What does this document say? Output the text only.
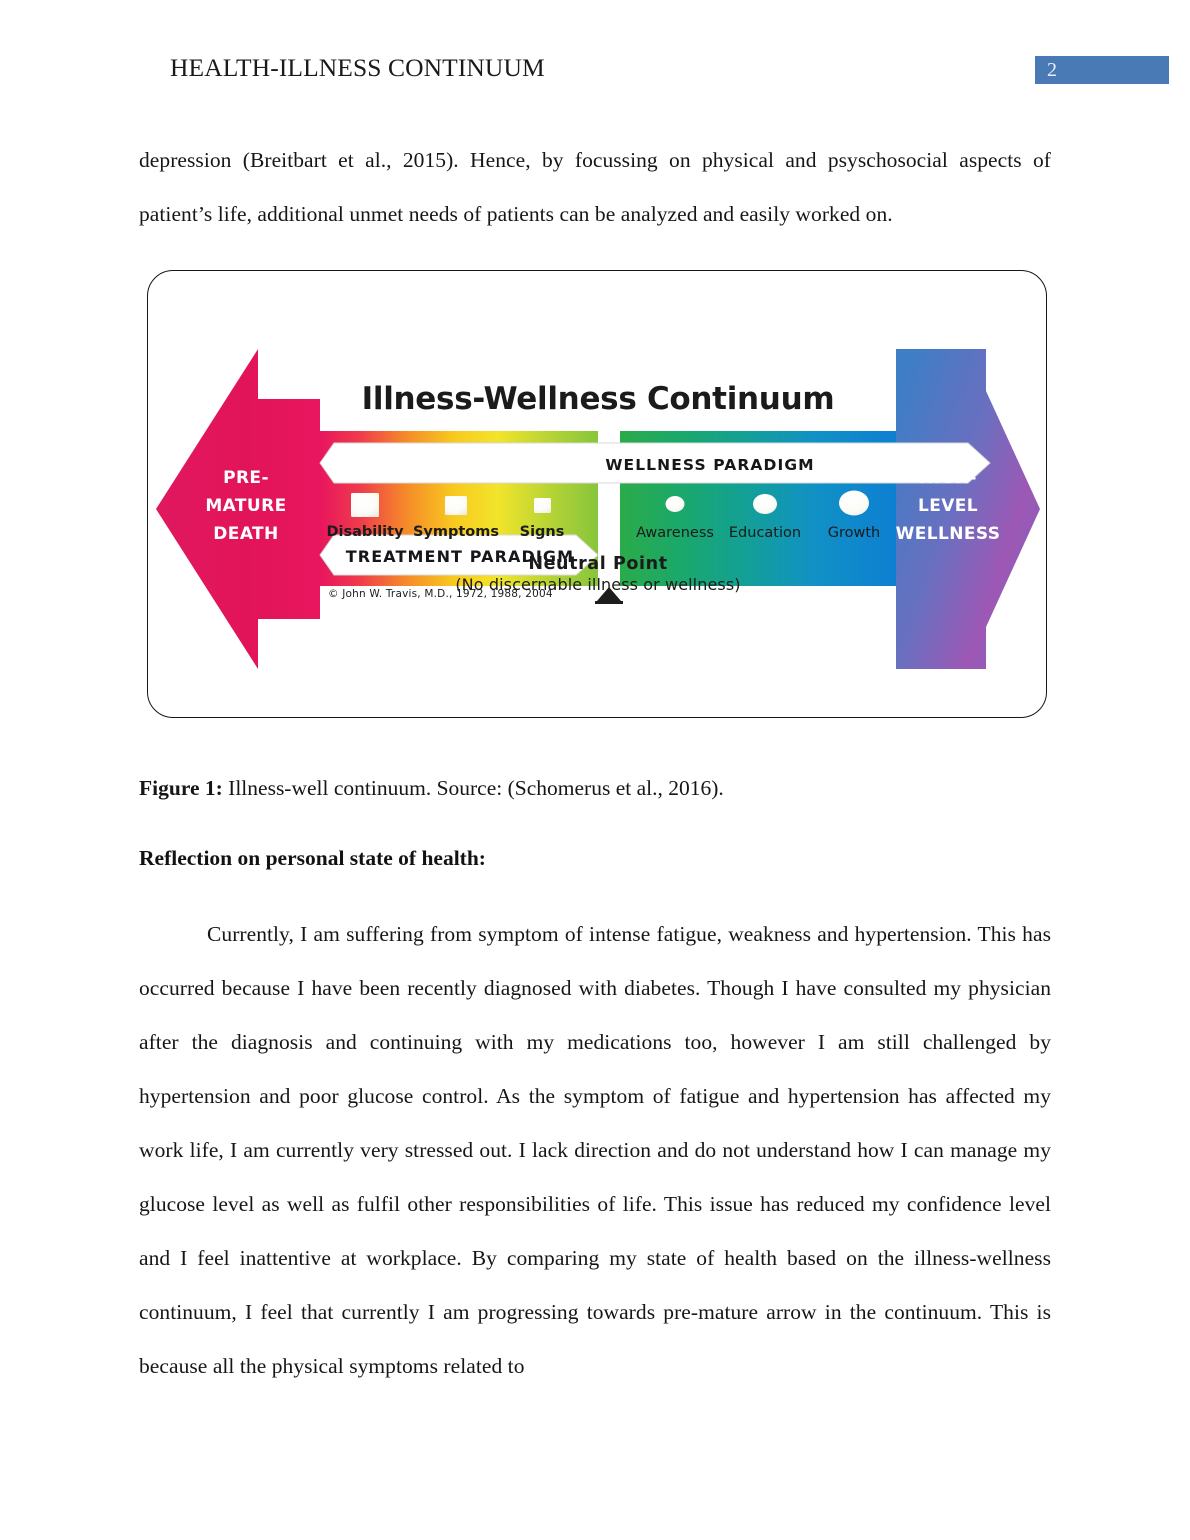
HEALTH-ILLNESS CONTINUUM	2

depression (Breitbart et al., 2015). Hence, by focussing on physical and psyschosocial aspects of patient’s life, additional unmet needs of patients can be analyzed and easily worked on.

Illness-Wellness Continuum
WELLNESS PARADIGM
TREATMENT PARADIGM
Disability Symptoms Signs	Awareness Education Growth
PRE-
MATURE
DEATH
HIGH-
LEVEL
WELLNESS
© John W. Travis, M.D., 1972, 1988, 2004
Neutral Point
(No discernable illness or wellness)

Figure 1: Illness-well continuum. Source: (Schomerus et al., 2016).

Reflection on personal state of health:

Currently, I am suffering from symptom of intense fatigue, weakness and hypertension. This has occurred because I have been recently diagnosed with diabetes. Though I have consulted my physician after the diagnosis and continuing with my medications too, however I am still challenged by hypertension and poor glucose control. As the symptom of fatigue and hypertension has affected my work life, I am currently very stressed out. I lack direction and do not understand how I can manage my glucose level as well as fulfil other responsibilities of life. This issue has reduced my confidence level and I feel inattentive at workplace. By comparing my state of health based on the illness-wellness continuum, I feel that currently I am progressing towards pre-mature arrow in the continuum. This is because all the physical symptoms related to
